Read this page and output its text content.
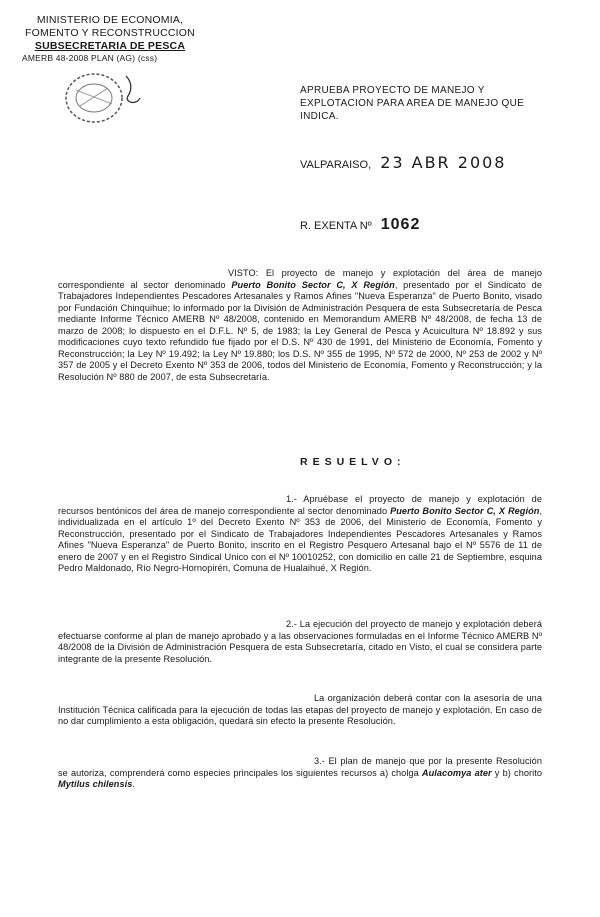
MINISTERIO DE ECONOMIA,
FOMENTO Y RECONSTRUCCION
SUBSECRETARIA DE PESCA
AMERB 48-2008 PLAN (AG) (css)
APRUEBA PROYECTO DE MANEJO Y EXPLOTACION PARA AREA DE MANEJO QUE INDICA.
VALPARAISO, 23 ABR 2008
R. EXENTA Nº 1062
VISTO: El proyecto de manejo y explotación del área de manejo correspondiente al sector denominado Puerto Bonito Sector C, X Región, presentado por el Sindicato de Trabajadores Independientes Pescadores Artesanales y Ramos Afines "Nueva Esperanza" de Puerto Bonito, visado por Fundación Chinquihue; lo informado por la División de Administración Pesquera de esta Subsecretaría de Pesca mediante Informe Técnico AMERB Nº 48/2008, contenido en Memorandum AMERB Nº 48/2008, de fecha 13 de marzo de 2008; lo dispuesto en el D.F.L. Nº 5, de 1983; la Ley General de Pesca y Acuicultura Nº 18.892 y sus modificaciones cuyo texto refundido fue fijado por el D.S. Nº 430 de 1991, del Ministerio de Economía, Fomento y Reconstrucción; la Ley Nº 19.492; la Ley Nº 19.880; los D.S. Nº 355 de 1995, Nº 572 de 2000, Nº 253 de 2002 y Nº 357 de 2005 y el Decreto Exento Nº 353 de 2006, todos del Ministerio de Economía, Fomento y Reconstrucción; y la Resolución Nº 880 de 2007, de esta Subsecretaría.
RESUELVO:
1.- Apruébase el proyecto de manejo y explotación de recursos bentónicos del área de manejo correspondiente al sector denominado Puerto Bonito Sector C, X Región, individualizada en el artículo 1º del Decreto Exento Nº 353 de 2006, del Ministerio de Economía, Fomento y Reconstrucción, presentado por el Sindicato de Trabajadores Independientes Pescadores Artesanales y Ramos Afines "Nueva Esperanza" de Puerto Bonito, inscrito en el Registro Pesquero Artesanal bajo el Nº 5576 de 11 de enero de 2007 y en el Registro Sindical Unico con el Nº 10010252, con domicilio en calle 21 de Septiembre, esquina Pedro Maldonado, Río Negro-Hornopirén, Comuna de Hualaihué, X Región.
2.- La ejecución del proyecto de manejo y explotación deberá efectuarse conforme al plan de manejo aprobado y a las observaciones formuladas en el Informe Técnico AMERB Nº 48/2008 de la División de Administración Pesquera de esta Subsecretaría, citado en Visto, el cual se considera parte integrante de la presente Resolución.
La organización deberá contar con la asesoría de una Institución Técnica calificada para la ejecución de todas las etapas del proyecto de manejo y explotación. En caso de no dar cumplimiento a esta obligación, quedará sin efecto la presente Resolución.
3.- El plan de manejo que por la presente Resolución se autoriza, comprenderá como especies principales los siguientes recursos a) cholga Aulacomya ater y b) chorito Mytilus chilensis.
